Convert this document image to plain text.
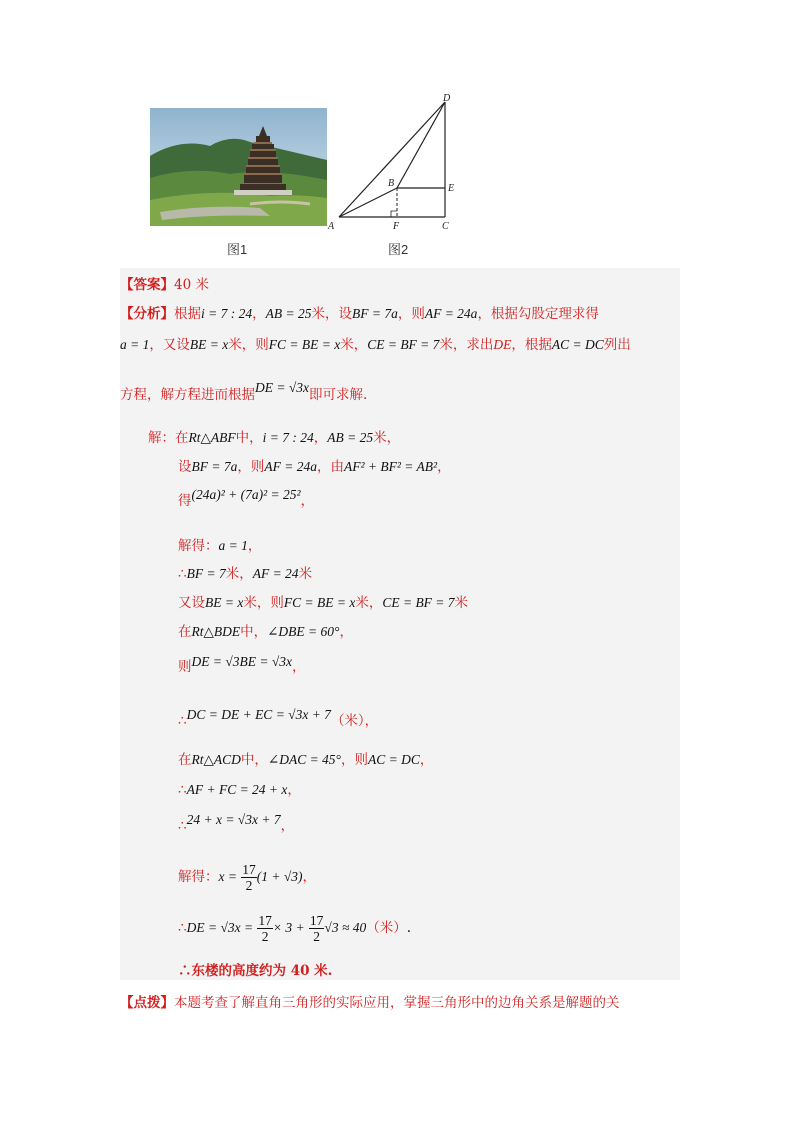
D
B	E
A	F	C
图1	图2
【答案】40 米
【分析】根据i = 7 : 24，AB = 25米，设BF = 7a，则AF = 24a，根据勾股定理求得
a = 1，又设BE = x米，则FC = BE = x米，CE = BF = 7米，求出DE，根据AC = DC列出
方程，解方程进而根据DE = √3x即可求解.
解：在Rt△ABF中，i = 7 : 24，AB = 25米，
设BF = 7a，则AF = 24a，由AF² + BF² = AB²，
得(24a)² + (7a)² = 25²，
解得：a = 1，
∴BF = 7米，AF = 24米
又设BE = x米，则FC = BE = x米，CE = BF = 7米
在Rt△BDE中，∠DBE = 60°，
则DE = √3BE = √3x，
∴DC = DE + EC = √3x + 7（米），
在Rt△ACD中，∠DAC = 45°，则AC = DC，
∴AF + FC = 24 + x，
∴24 + x = √3x + 7，
解得：$x = \frac{17}{2} (1 + √3)$，
∴DE = $√3x = \frac{17}{2} \times 3 + \frac{17}{2} √3 \approx 40$（米）.
∴东楼的高度约为 40 米.
【点拨】本题考查了解直角三角形的实际应用，掌握三角形中的边角关系是解题的关
